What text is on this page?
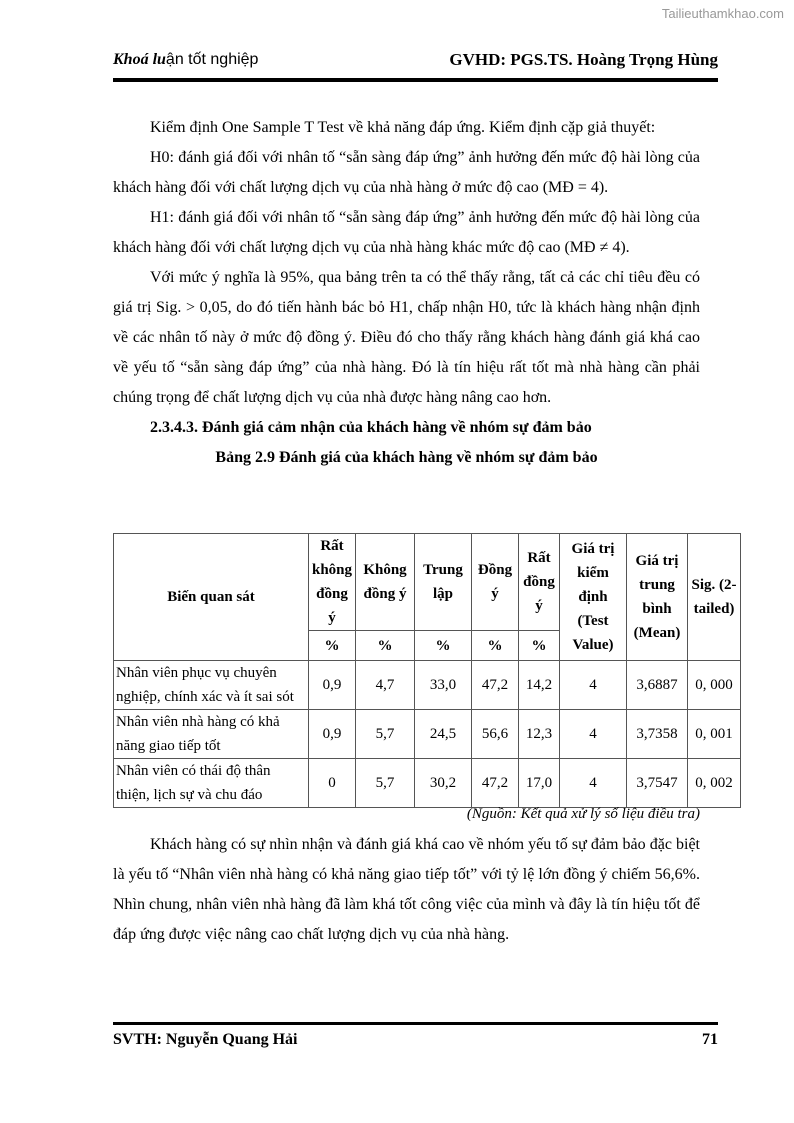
Tailieuthamkhao.com
Khoá luận tốt nghiệp	GVHD: PGS.TS. Hoàng Trọng Hùng

Kiểm định One Sample T Test về khả năng đáp ứng. Kiểm định cặp giả thuyết:

H0: đánh giá đối với nhân tố “sẵn sàng đáp ứng” ảnh hưởng đến mức độ hài lòng của khách hàng đối với chất lượng dịch vụ của nhà hàng ở mức độ cao (MĐ = 4).

H1: đánh giá đối với nhân tố “sẵn sàng đáp ứng” ảnh hưởng đến mức độ hài lòng của khách hàng đối với chất lượng dịch vụ của nhà hàng khác mức độ cao (MĐ ≠ 4).

Với mức ý nghĩa là 95%, qua bảng trên ta có thể thấy rằng, tất cả các chỉ tiêu đều có giá trị Sig. > 0,05, do đó tiến hành bác bỏ H1, chấp nhận H0, tức là khách hàng nhận định về các nhân tố này ở mức độ đồng ý. Điều đó cho thấy rằng khách hàng đánh giá khá cao về yếu tố “sẵn sàng đáp ứng” của nhà hàng. Đó là tín hiệu rất tốt mà nhà hàng cần phải chúng trọng để chất lượng dịch vụ của nhà được hàng nâng cao hơn.

2.3.4.3. Đánh giá cảm nhận của khách hàng về nhóm sự đảm bảo

Bảng 2.9 Đánh giá của khách hàng về nhóm sự đảm bảo

Biến quan sát	Rất không đồng ý	Không đồng ý	Trung lập	Đồng ý	Rất đồng ý	Giá trị kiểm định (Test Value)	Giá trị trung bình (Mean)	Sig. (2-tailed)
	%	%	%	%	%			
Nhân viên phục vụ chuyên nghiệp, chính xác và ít sai sót	0,9	4,7	33,0	47,2	14,2	4	3,6887	0, 000
Nhân viên nhà hàng có khả năng giao tiếp tốt	0,9	5,7	24,5	56,6	12,3	4	3,7358	0, 001
Nhân viên có thái độ thân thiện, lịch sự và chu đáo	0	5,7	30,2	47,2	17,0	4	3,7547	0, 002
(Nguồn: Kết quả xử lý số liệu điều tra)

Khách hàng có sự nhìn nhận và đánh giá khá cao về nhóm yếu tố sự đảm bảo đặc biệt là yếu tố “Nhân viên nhà hàng có khả năng giao tiếp tốt” với tỷ lệ lớn đồng ý chiếm 56,6%. Nhìn chung, nhân viên nhà hàng đã làm khá tốt công việc của mình và đây là tín hiệu tốt để đáp ứng được việc nâng cao chất lượng dịch vụ của nhà hàng.

SVTH: Nguyễn Quang Hải	71
